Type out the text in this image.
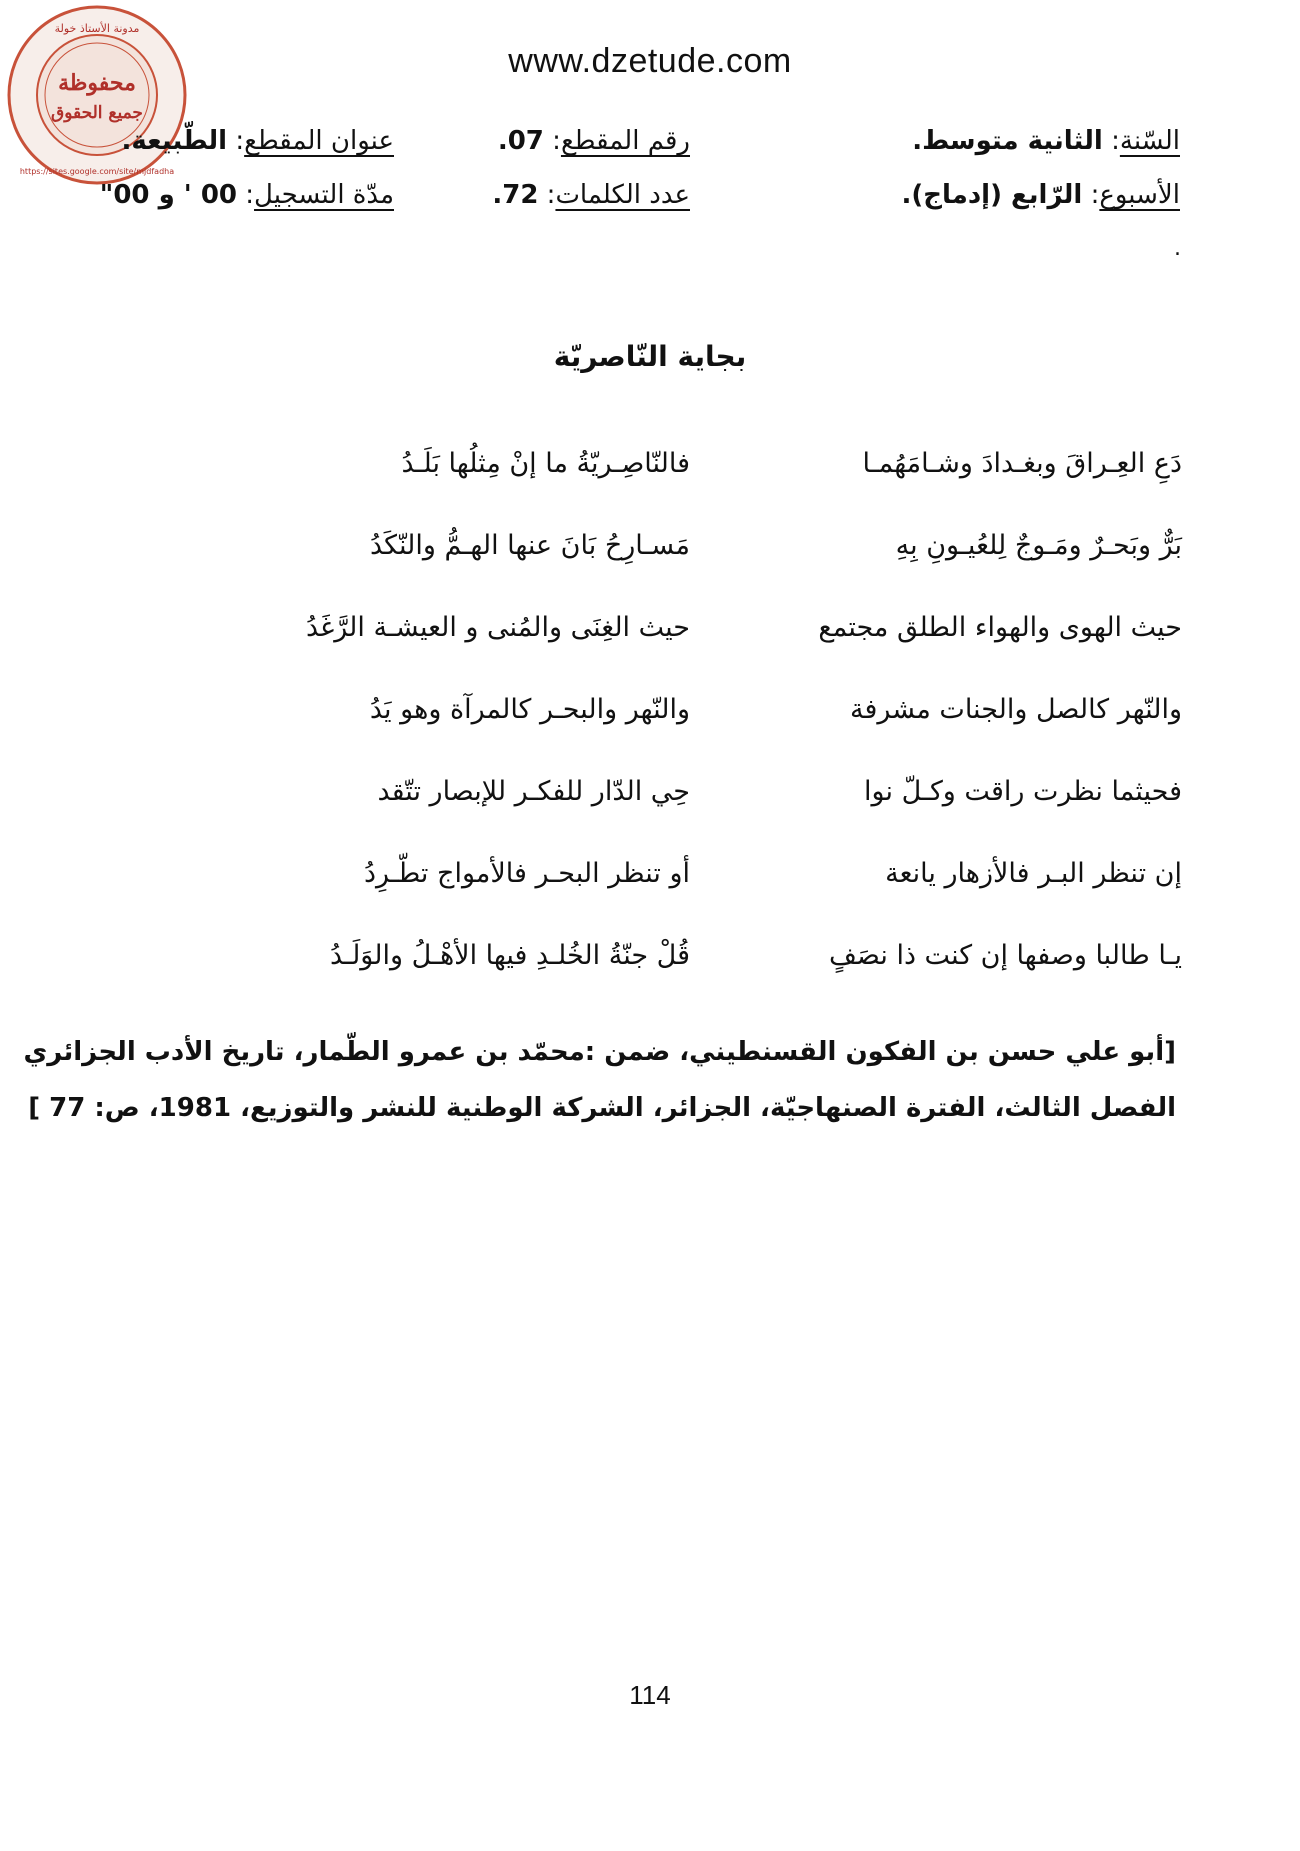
www.dzetude.com
مدونة الأستاذ خولة
محفوظة
جميع الحقوق
https://sites.google.com/site/mjdfadha
السّنة: الثانية متوسط.
رقم المقطع: 07.
عنوان المقطع: الطّبيعة.
الأسبوع: الرّابع (إدماج).
عدد الكلمات: 72.
مدّة التسجيل: 00 ' و 00"
.
بجاية النّاصريّة
دَعِ العِـراقَ وبغـدادَ وشـامَهُمـا
فالنّاصِـريّةُ ما إنْ مِثلُها بَلَـدُ
بَرٌّ وبَحـرٌ ومَـوجٌ لِلعُيـونِ بِهِ
مَسـارِحُ بَانَ عنها الهـمُّ والنّكَدُ
حيث الهوى والهواء الطلق مجتمع
حيث الغِنَى والمُنى و العيشـة الرَّغَدُ
والنّهر كالصل والجنات مشرفة
والنّهر والبحـر كالمرآة وهو يَدُ
فحيثما نظرت راقت وكـلّ نوا
حِي الدّار للفكـر للإبصار تتّقد
إن تنظر البـر فالأزهار يانعة
أو تنظر البحـر فالأمواج تطّـرِدُ
يـا طالبا وصفها إن كنت ذا نصَفٍ
قُلْ جنّةُ الخُلـدِ فيها الأهْـلُ والوَلَـدُ
[أبو علي حسن بن الفكون القسنطيني، ضمن :محمّد بن عمرو الطّمار، تاريخ الأدب الجزائري
الفصل الثالث، الفترة الصنهاجيّة، الجزائر، الشركة الوطنية للنشر والتوزيع، 1981، ص: 77 ]
114
